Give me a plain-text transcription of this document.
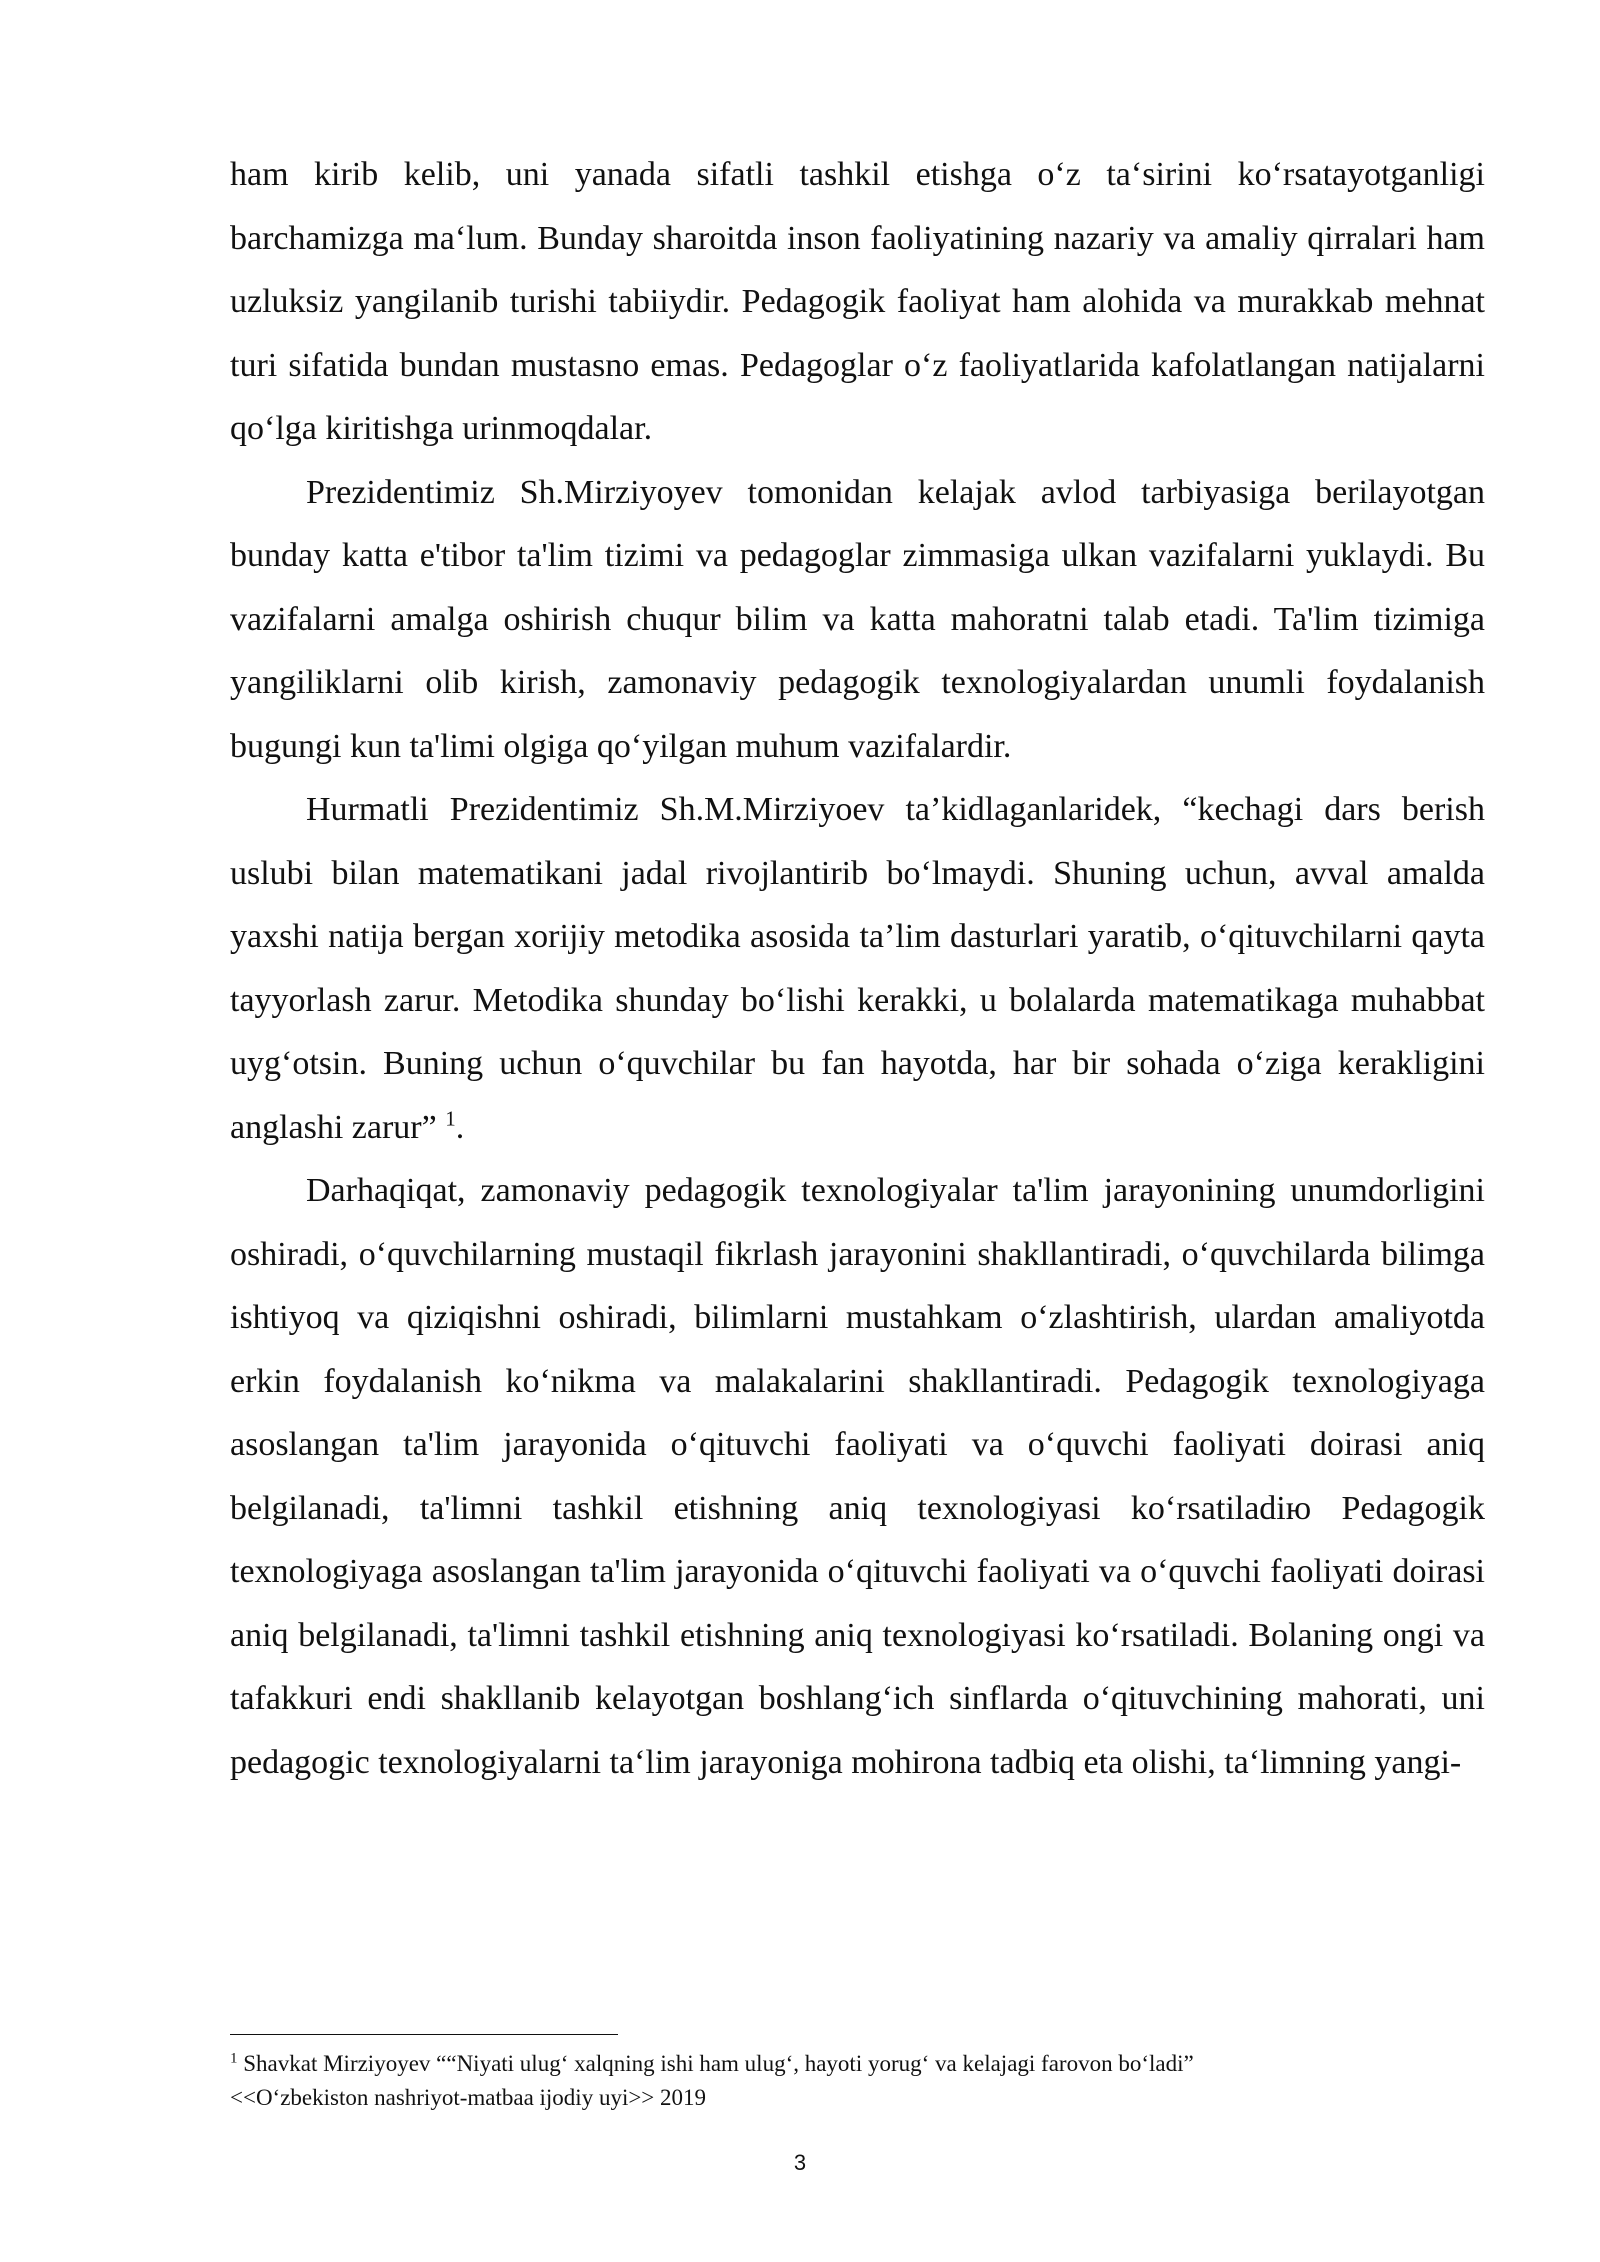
ham kirib kelib, uni yanada sifatli tashkil etishga o‘z ta‘sirini ko‘rsatayotganligi barchamizga ma‘lum. Bunday sharoitda inson faoliyatining nazariy va amaliy qirralari ham uzluksiz yangilanib turishi tabiiydir. Pedagogik faoliyat ham alohida va murakkab mehnat turi sifatida bundan mustasno emas. Pedagoglar o‘z faoliyatlarida kafolatlangan natijalarni qo‘lga kiritishga urinmoqdalar.

Prezidentimiz Sh.Mirziyoyev tomonidan kelajak avlod tarbiyasiga berilayotgan bunday katta e'tibor ta'lim tizimi va pedagoglar zimmasiga ulkan vazifalarni yuklaydi. Bu vazifalarni amalga oshirish chuqur bilim va katta mahoratni talab etadi. Ta'lim tizimiga yangiliklarni olib kirish, zamonaviy pedagogik texnologiyalardan unumli foydalanish bugungi kun ta'limi olgiga qo‘yilgan muhum vazifalardir.

Hurmatli Prezidentimiz Sh.M.Mirziyoev ta’kidlaganlaridek, “kechagi dars berish uslubi bilan matematikani jadal rivojlantirib bo‘lmaydi. Shuning uchun, avval amalda yaxshi natija bergan xorijiy metodika asosida ta’lim dasturlari yaratib, o‘qituvchilarni qayta tayyorlash zarur. Metodika shunday bo‘lishi kerakki, u bolalarda matematikaga muhabbat uyg‘otsin. Buning uchun o‘quvchilar bu fan hayotda, har bir sohada o‘ziga kerakligini anglashi zarur” $^1$.

Darhaqiqat, zamonaviy pedagogik texnologiyalar ta'lim jarayonining unumdorligini oshiradi, o‘quvchilarning mustaqil fikrlash jarayonini shakllantiradi, o‘quvchilarda bilimga ishtiyoq va qiziqishni oshiradi, bilimlarni mustahkam o‘zlashtirish, ulardan amaliyotda erkin foydalanish ko‘nikma va malakalarini shakllantiradi. Pedagogik texnologiyaga asoslangan ta'lim jarayonida o‘qituvchi faoliyati va o‘quvchi faoliyati doirasi aniq belgilanadi, ta'limni tashkil etishning aniq texnologiyasi ko‘rsatiladiю Pedagogik texnologiyaga asoslangan ta'lim jarayonida o‘qituvchi faoliyati va o‘quvchi faoliyati doirasi aniq belgilanadi, ta'limni tashkil etishning aniq texnologiyasi ko‘rsatiladi. Bolaning ongi va tafakkuri endi shakllanib kelayotgan boshlang‘ich sinflarda o‘qituvchining mahorati, uni pedagogic texnologiyalarni ta‘lim jarayoniga mohirona tadbiq eta olishi, ta‘limning yangi-

$^1$ Shavkat Mirziyoyev ““Niyati ulug‘ xalqning ishi ham ulug‘, hayoti yorug‘ va kelajagi farovon bo‘ladi”

<<O‘zbekiston nashriyot-matbaa ijodiy uyi>> 2019

3
